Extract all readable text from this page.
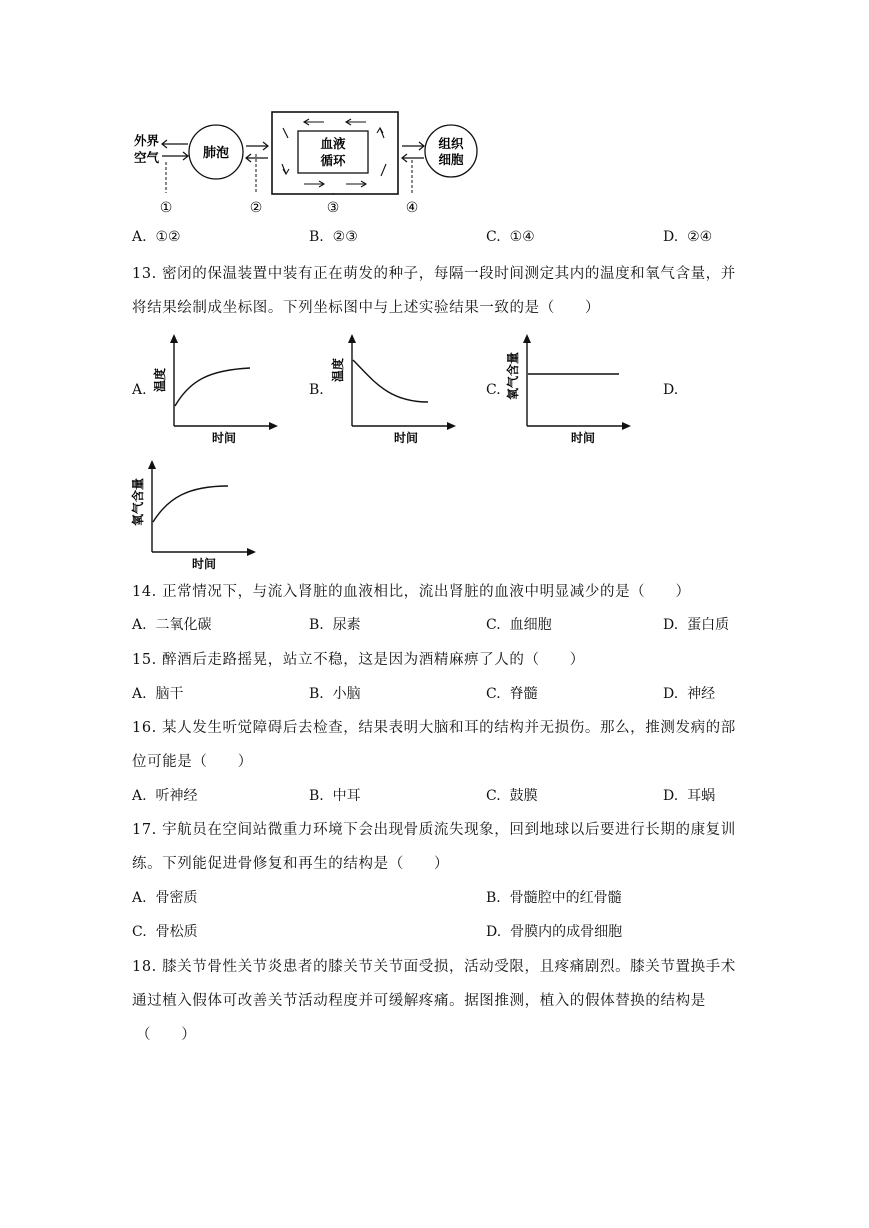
外界
空气	肺泡
血液
循环
组织
细胞
①	②	③	④
A. ①②	B. ②③	C. ①④	D. ②④
13. 密闭的保温装置中装有正在萌发的种子，每隔一段时间测定其内的温度和氧气含量，并
将结果绘制成坐标图。下列坐标图中与上述实验结果一致的是（　　）
A. 温度
时间
B.
温度
时间
C. 氧气含量
时间
D.
氧气含量
时间
14. 正常情况下，与流入肾脏的血液相比，流出肾脏的血液中明显减少的是（　　）
A. 二氧化碳	B. 尿素	C. 血细胞	D. 蛋白质
15. 醉酒后走路摇晃，站立不稳，这是因为酒精麻痹了人的（　　）
A. 脑干	B. 小脑	C. 脊髓	D. 神经
16. 某人发生听觉障碍后去检查，结果表明大脑和耳的结构并无损伤。那么，推测发病的部
位可能是（　　）
A. 听神经	B. 中耳	C. 鼓膜	D. 耳蜗
17. 宇航员在空间站微重力环境下会出现骨质流失现象，回到地球以后要进行长期的康复训
练。下列能促进骨修复和再生的结构是（　　）
A. 骨密质	B. 骨髓腔中的红骨髓
C. 骨松质	D. 骨膜内的成骨细胞
18. 膝关节骨性关节炎患者的膝关节关节面受损，活动受限，且疼痛剧烈。膝关节置换手术
通过植入假体可改善关节活动程度并可缓解疼痛。据图推测，植入的假体替换的结构是
（　　）
